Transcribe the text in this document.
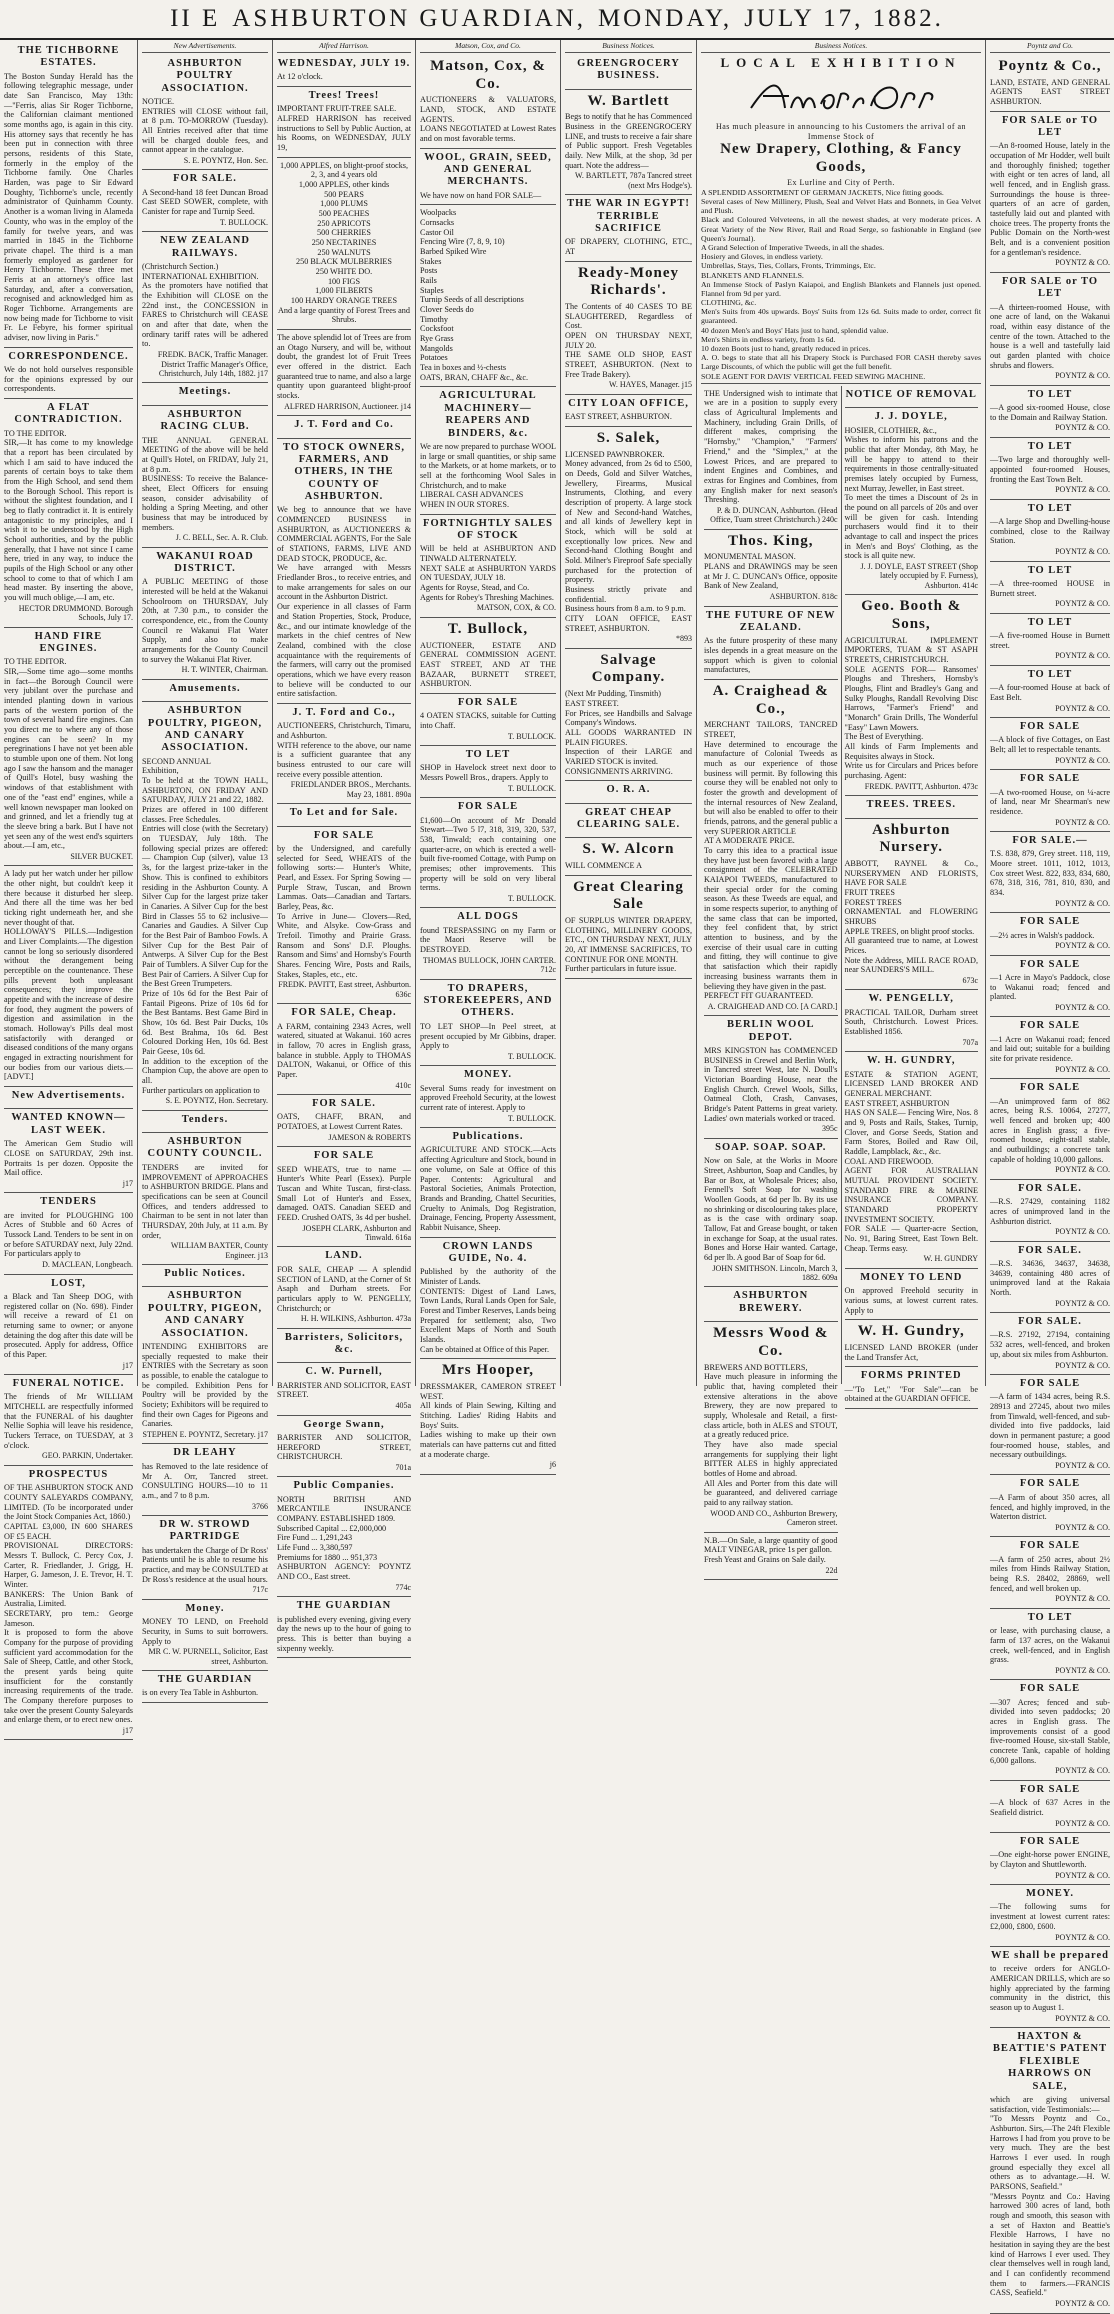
II E ASHBURTON GUARDIAN, MONDAY, JULY 17, 1882.
THE TICHBORNE ESTATES.
The Boston Sunday Herald has the following telegraphic message, under date San Francisco, May 13th:—"Ferris, alias Sir Roger Tichborne, the Californian claimant mentioned some months ago, is again in this city. His attorney says that recently he has been put in connection with three persons, residents of this State, formerly in the employ of the Tichborne family. One Charles Harden, was page to Sir Edward Doughty, Tichborne's uncle, recently administrator of Quinhamm County. Another is a woman living in Alameda County, who was in the employ of the family for twelve years, and was married in 1845 in the Tichborne private chapel. The third is a man formerly employed as gardener for Henry Tichborne. These three met Ferris at an attorney's office last Saturday, and, after a conversation, recognised and acknowledged him as Roger Tichborne. Arrangements are now being made for Tichborne to visit Fr. Le Febyre, his former spiritual adviser, now living in Paris."
CORRESPONDENCE.
We do not hold ourselves responsible for the opinions expressed by our correspondents.
A FLAT CONTRADICTION.
TO THE EDITOR.
SIR,—It has come to my knowledge that a report has been circulated by which I am said to have induced the parents of certain boys to take them from the High School, and send them to the Borough School. This report is without the slightest foundation, and I beg to flatly contradict it. It is entirely antagonistic to my principles, and I wish it to be understood by the High School authorities, and by the public generally, that I have not since I came here, tried in any way, to induce the pupils of the High School or any other school to come to that of which I am head master. By inserting the above, you will much oblige,—I am, etc.
HECTOR DRUMMOND. Borough Schools, July 17.
HAND FIRE ENGINES.
TO THE EDITOR.
SIR,—Some time ago—some months in fact—the Borough Council were very jubilant over the purchase and intended planting down in various parts of the western portion of the town of several hand fire engines. Can you direct me to where any of those engines can be seen? In my peregrinations I have not yet been able to stumble upon one of them. Not long ago I saw the hansom and the manager of Quill's Hotel, busy washing the windows of that establishment with one of the "east end" engines, while a well known newspaper man looked on and grinned, and let a friendly tug at the sleeve bring a bark. But I have not yet seen any of the west end's squirters about.—I am, etc.,
SILVER BUCKET.
A lady put her watch under her pillow the other night, but couldn't keep it there because it disturbed her sleep. And there all the time was her bed ticking right underneath her, and she never thought of that.
HOLLOWAY'S PILLS.—Indigestion and Liver Complaints.—The digestion cannot be long so seriously disordered without the derangement being perceptible on the countenance. These pills prevent both unpleasant consequences; they improve the appetite and with the increase of desire for food, they augment the powers of digestion and assimilation in the stomach. Holloway's Pills deal most satisfactorily with deranged or diseased conditions of the many organs engaged in extracting nourishment for our bodies from our various diets.—[ADVT.]
New Advertisements.
WANTED KNOWN—LAST WEEK.
The American Gem Studio will CLOSE on SATURDAY, 29th inst. Portraits 1s per dozen. Opposite the Mail office.
j17
TENDERS
are invited for PLOUGHING 100 Acres of Stubble and 60 Acres of Tussock Land. Tenders to be sent in on or before SATURDAY next, July 22nd. For particulars apply to
D. MACLEAN, Longbeach.
LOST,
a Black and Tan Sheep DOG, with registered collar on (No. 698). Finder will receive a reward of £1 on returning same to owner; or anyone detaining the dog after this date will be prosecuted. Apply for address, Office of this Paper.
j17
FUNERAL NOTICE.
The friends of Mr WILLIAM MITCHELL are respectfully informed that the FUNERAL of his daughter Nellie Sophia will leave his residence, Tuckers Terrace, on TUESDAY, at 3 o'clock.
GEO. PARKIN, Undertaker.
PROSPECTUS
OF THE ASHBURTON STOCK AND COUNTY SALEYARDS COMPANY, LIMITED. (To be incorporated under the Joint Stock Companies Act, 1860.)
CAPITAL £3,000, IN 600 SHARES OF £5 EACH.
PROVISIONAL DIRECTORS: Messrs T. Bullock, C. Percy Cox, J. Carter, R. Friedlander, J. Grigg, H. Harper, G. Jameson, J. E. Trevor, H. T. Winter.
BANKERS: The Union Bank of Australia, Limited.
SECRETARY, pro tem.: George Jameson.
It is proposed to form the above Company for the purpose of providing sufficient yard accommodation for the Sale of Sheep, Cattle, and other Stock, the present yards being quite insufficient for the constantly increasing requirements of the trade. The Company therefore purposes to take over the present County Saleyards and enlarge them, or to erect new ones.
j17
New Advertisements.
ASHBURTON POULTRY ASSOCIATION.
NOTICE.
ENTRIES will CLOSE without fail, at 8 p.m. TO-MORROW (Tuesday). All Entries received after that time will be charged double fees, and cannot appear in the catalogue.
S. E. POYNTZ, Hon. Sec.
FOR SALE.
A Second-hand 18 feet Duncan Broad Cast SEED SOWER, complete, with Canister for rape and Turnip Seed.
T. BULLOCK.
NEW ZEALAND RAILWAYS.
(Christchurch Section.)
INTERNATIONAL EXHIBITION.
As the promoters have notified that the Exhibition will CLOSE on the 22nd inst., the CONCESSION in FARES to Christchurch will CEASE on and after that date, when the ordinary tariff rates will be adhered to.
FREDK. BACK, Traffic Manager. District Traffic Manager's Office, Christchurch, July 14th, 1882. j17
Meetings.
ASHBURTON RACING CLUB.
THE ANNUAL GENERAL MEETING of the above will be held at Quill's Hotel, on FRIDAY, July 21, at 8 p.m.
BUSINESS: To receive the Balance-sheet, Elect Officers for ensuing season, consider advisability of holding a Spring Meeting, and other business that may be introduced by members.
J. C. BELL, Sec. A. R. Club.
WAKANUI ROAD DISTRICT.
A PUBLIC MEETING of those interested will be held at the Wakanui Schoolroom on THURSDAY, July 20th, at 7.30 p.m., to consider the correspondence, etc., from the County Council re Wakanui Flat Water Supply, and also to make arrangements for the County Council to survey the Wakanui Flat River.
H. T. WINTER, Chairman.
Amusements.
ASHBURTON POULTRY, PIGEON, AND CANARY ASSOCIATION.
SECOND ANNUAL
Exhibition,
To be held at the TOWN HALL, ASHBURTON, ON FRIDAY AND SATURDAY, JULY 21 and 22, 1882.
Prizes are offered in 100 different classes. Free Schedules.
Entries will close (with the Secretary) on TUESDAY, July 18th. The following special prizes are offered:— Champion Cup (silver), value 13 3s, for the largest prize-taker in the Show. This is confined to exhibitors residing in the Ashburton County. A Silver Cup for the largest prize taker in Canaries. A Silver Cup for the best Bird in Classes 55 to 62 inclusive—Canaries and Gaudies. A Silver Cup for the Best Pair of Bamboo Fowls. A Silver Cup for the Best Pair of Antwerps. A Silver Cup for the Best Pair of Tumblers. A Silver Cup for the Best Pair of Carriers. A Silver Cup for the Best Green Trumpeters.
Prize of 10s 6d for the Best Pair of Fantail Pigeons. Prize of 10s 6d for the Best Bantams. Best Game Bird in Show, 10s 6d. Best Pair Ducks, 10s 6d. Best Brahma, 10s 6d. Best Coloured Dorking Hen, 10s 6d. Best Pair Geese, 10s 6d.
In addition to the exception of the Champion Cup, the above are open to all.
Further particulars on application to
S. E. POYNTZ, Hon. Secretary.
Tenders.
ASHBURTON COUNTY COUNCIL.
TENDERS are invited for IMPROVEMENT of APPROACHES to ASHBURTON BRIDGE. Plans and specifications can be seen at Council Offices, and tenders addressed to Chairman to be sent in not later than THURSDAY, 20th July, at 11 a.m. By order,
WILLIAM BAXTER, County Engineer. j13
Public Notices.
ASHBURTON POULTRY, PIGEON, AND CANARY ASSOCIATION.
INTENDING EXHIBITORS are specially requested to make their ENTRIES with the Secretary as soon as possible, to enable the catalogue to be compiled. Exhibition Pens for Poultry will be provided by the Society; Exhibitors will be required to find their own Cages for Pigeons and Canaries.
STEPHEN E. POYNTZ, Secretary. j17
DR LEAHY
has Removed to the late residence of Mr A. Orr, Tancred street. CONSULTING HOURS—10 to 11 a.m., and 7 to 8 p.m.
3766
DR W. STROWD PARTRIDGE
has undertaken the Charge of Dr Ross' Patients until he is able to resume his practice, and may be CONSULTED at Dr Ross's residence at the usual hours.
717c
Money.
MONEY TO LEND, on Freehold Security, in Sums to suit borrowers. Apply to
MR C. W. PURNELL, Solicitor, East street, Ashburton.
THE GUARDIAN
is on every Tea Table in Ashburton.
Alfred Harrison.
WEDNESDAY, JULY 19.
At 12 o'clock.
Trees! Trees!
IMPORTANT FRUIT-TREE SALE.
ALFRED HARRISON has received instructions to Sell by Public Auction, at his Rooms, on WEDNESDAY, JULY 19,
1,000 APPLES, on blight-proof stocks, 2, 3, and 4 years old
1,000 APPLES, other kinds
500 PEARS
1,000 PLUMS
500 PEACHES
250 APRICOTS
500 CHERRIES
250 NECTARINES
250 WALNUTS
250 BLACK MULBERRIES
250 WHITE DO.
100 FIGS
1,000 FILBERTS
100 HARDY ORANGE TREES
And a large quantity of Forest Trees and Shrubs.
The above splendid lot of Trees are from an Otago Nursery, and will be, without doubt, the grandest lot of Fruit Trees ever offered in the district. Each guaranteed true to name, and also a large quantity upon guaranteed blight-proof stocks.
ALFRED HARRISON, Auctioneer. j14
J. T. Ford and Co.
TO STOCK OWNERS, FARMERS, AND OTHERS, IN THE COUNTY OF ASHBURTON.
We beg to announce that we have COMMENCED BUSINESS in ASHBURTON, as AUCTIONEERS & COMMERCIAL AGENTS, For the Sale of STATIONS, FARMS, LIVE AND DEAD STOCK, PRODUCE, &c.
We have arranged with Messrs Friedlander Bros., to receive entries, and to make arrangements for sales on our account in the Ashburton District.
Our experience in all classes of Farm and Station Properties, Stock, Produce, &c., and our intimate knowledge of the markets in the chief centres of New Zealand, combined with the close acquaintance with the requirements of the farmers, will carry out the promised operations, which we have every reason to believe will be conducted to our entire satisfaction.
J. T. Ford and Co.,
AUCTIONEERS, Christchurch, Timaru, and Ashburton.
WITH reference to the above, our name is a sufficient guarantee that any business entrusted to our care will receive every possible attention.
FRIEDLANDER BROS., Merchants. May 23, 1881. 890a
To Let and for Sale.
FOR SALE
by the Undersigned, and carefully selected for Seed, WHEATS of the following sorts:— Hunter's White, Pearl, and Essex. For Spring Sowing — Purple Straw, Tuscan, and Brown Lammas. Oats—Canadian and Tartars. Barley, Peas, &c.
To Arrive in June— Clovers—Red, White, and Alsyke. Cow-Grass and Trefoil. Timothy and Prairie Grass. Ransom and Sons' D.F. Ploughs. Ransom and Sims' and Hornsby's Fourth Shares. Fencing Wire, Posts and Rails, Stakes, Staples, etc., etc.
FREDK. PAVITT, East street, Ashburton. 636c
FOR SALE, Cheap.
A FARM, containing 2343 Acres, well watered, situated at Wakanui. 160 acres in fallow, 70 acres in English grass, balance in stubble. Apply to THOMAS DALTON, Wakanui, or Office of this Paper.
410c
FOR SALE.
OATS, CHAFF, BRAN, and POTATOES, at Lowest Current Rates.
JAMESON & ROBERTS
FOR SALE
SEED WHEATS, true to name — Hunter's White Pearl (Essex). Purple Tuscan and White Tuscan, first-class. Small Lot of Hunter's and Essex, damaged. OATS. Canadian SEED and FEED. Crushed OATS, 3s 4d per bushel.
JOSEPH CLARK, Ashburton and Tinwald. 616a
LAND.
FOR SALE, CHEAP — A splendid SECTION of LAND, at the Corner of St Asaph and Durham streets. For particulars apply to W. PENGELLY, Christchurch; or
H. H. WILKINS, Ashburton. 473a
Barristers, Solicitors, &c.
C. W. Purnell,
BARRISTER AND SOLICITOR, EAST STREET.
405a
George Swann,
BARRISTER AND SOLICITOR, HEREFORD STREET, CHRISTCHURCH.
701a
Public Companies.
NORTH BRITISH AND MERCANTILE INSURANCE COMPANY. ESTABLISHED 1809.
Subscribed Capital ... £2,000,000
Fire Fund ... 1,291,243
Life Fund ... 3,380,597
Premiums for 1880 ... 951,373
ASHBURTON AGENCY: POYNTZ AND CO., East street.
774c
THE GUARDIAN
is published every evening, giving every day the news up to the hour of going to press. This is better than buying a sixpenny weekly.
Matson, Cox, and Co.
Matson, Cox, & Co.
AUCTIONEERS & VALUATORS, LAND, STOCK, AND ESTATE AGENTS.
LOANS NEGOTIATED at Lowest Rates and on most favorable terms.
WOOL, GRAIN, SEED, AND GENERAL MERCHANTS.
We have now on hand FOR SALE—
Woolpacks
Cornsacks
Castor Oil
Fencing Wire (7, 8, 9, 10)
Barbed Spiked Wire
Stakes
Posts
Rails
Staples
Turnip Seeds of all descriptions
Clover Seeds do
Timothy
Cocksfoot
Rye Grass
Mangolds
Potatoes
Tea in boxes and ½-chests
OATS, BRAN, CHAFF &c., &c.
AGRICULTURAL MACHINERY—REAPERS AND BINDERS, &c.
We are now prepared to purchase WOOL in large or small quantities, or ship same to the Markets, or at home markets, or to sell at the forthcoming Wool Sales in Christchurch, and to make
LIBERAL CASH ADVANCES
WHEN IN OUR STORES.
FORTNIGHTLY SALES OF STOCK
Will be held at ASHBURTON AND TINWALD ALTERNATELY.
NEXT SALE at ASHBURTON YARDS ON TUESDAY, JULY 18.
Agents for Royse, Stead, and Co.
Agents for Robey's Threshing Machines.
MATSON, COX, & CO.
T. Bullock,
AUCTIONEER, ESTATE AND GENERAL COMMISSION AGENT. EAST STREET, AND AT THE BAZAAR, BURNETT STREET, ASHBURTON.
FOR SALE
4 OATEN STACKS, suitable for Cutting into Chaff.
T. BULLOCK.
TO LET
SHOP in Havelock street next door to Messrs Powell Bros., drapers. Apply to
T. BULLOCK.
FOR SALE
£1,600—On account of Mr Donald Stewart—Two 5 l7, 318, 319, 320, 537, 538, Tinwald; each containing one quarter-acre, on which is erected a well-built five-roomed Cottage, with Pump on premises; other improvements. This property will be sold on very liberal terms.
T. BULLOCK.
ALL DOGS
found TRESPASSING on my Farm or the Maori Reserve will be DESTROYED.
THOMAS BULLOCK, JOHN CARTER. 712c
TO DRAPERS, STOREKEEPERS, AND OTHERS.
TO LET SHOP—In Peel street, at present occupied by Mr Gibbins, draper. Apply to
T. BULLOCK.
MONEY.
Several Sums ready for investment on approved Freehold Security, at the lowest current rate of interest. Apply to
T. BULLOCK.
Publications.
AGRICULTURE AND STOCK.—Acts affecting Agriculture and Stock, bound in one volume, on Sale at Office of this Paper. Contents: Agricultural and Pastoral Societies, Animals Protection, Brands and Branding, Chattel Securities, Cruelty to Animals, Dog Registration, Drainage, Fencing, Property Assessment, Rabbit Nuisance, Sheep.
CROWN LANDS GUIDE, No. 4.
Published by the authority of the Minister of Lands.
CONTENTS: Digest of Land Laws, Town Lands, Rural Lands Open for Sale, Forest and Timber Reserves, Lands being Prepared for settlement; also, Two Excellent Maps of North and South Islands.
Can be obtained at Office of this Paper.
Mrs Hooper,
DRESSMAKER, CAMERON STREET WEST.
All kinds of Plain Sewing, Kilting and Stitching. Ladies' Riding Habits and Boys' Suits.
Ladies wishing to make up their own materials can have patterns cut and fitted at a moderate charge.
j6
Business Notices.
GREENGROCERY BUSINESS.
W. Bartlett
Begs to notify that he has Commenced Business in the GREENGROCERY LINE, and trusts to receive a fair share of Public support. Fresh Vegetables daily. New Milk, at the shop, 3d per quart. Note the address—
W. BARTLETT, 787a Tancred street (next Mrs Hodge's).
THE WAR IN EGYPT! TERRIBLE SACRIFICE
OF DRAPERY, CLOTHING, ETC., AT
Ready-Money Richards'.
The Contents of 40 CASES TO BE SLAUGHTERED, Regardless of Cost.
OPEN ON THURSDAY NEXT, JULY 20.
THE SAME OLD SHOP, EAST STREET, ASHBURTON. (Next to Free Trade Bakery).
W. HAYES, Manager. j15
CITY LOAN OFFICE,
EAST STREET, ASHBURTON.
S. Salek,
LICENSED PAWNBROKER.
Money advanced, from 2s 6d to £500, on Deeds, Gold and Silver Watches, Jewellery, Firearms, Musical Instruments, Clothing, and every description of property. A large stock of New and Second-hand Watches, and all kinds of Jewellery kept in Stock, which will be sold at exceptionally low prices. New and Second-hand Clothing Bought and Sold. Milner's Fireproof Safe specially purchased for the protection of property.
Business strictly private and confidential.
Business hours from 8 a.m. to 9 p.m.
CITY LOAN OFFICE, EAST STREET, ASHBURTON.
*893
Salvage Company.
(Next Mr Pudding, Tinsmith)
EAST STREET.
For Prices, see Handbills and Salvage Company's Windows.
ALL GOODS WARRANTED IN PLAIN FIGURES.
Inspection of their LARGE and VARIED STOCK is invited.
CONSIGNMENTS ARRIVING.
O. R. A.
GREAT CHEAP CLEARING SALE.
S. W. Alcorn
WILL COMMENCE A
Great Clearing Sale
OF SURPLUS WINTER DRAPERY, CLOTHING, MILLINERY GOODS, ETC., ON THURSDAY NEXT, JULY 20, AT IMMENSE SACRIFICES, TO CONTINUE FOR ONE MONTH.
Further particulars in future issue.
Business Notices.
LOCAL EXHIBITION
Has much pleasure in announcing to his Customers the arrival of an Immense Stock of
New Drapery, Clothing, & Fancy Goods,
Ex Lurline and City of Perth.
A SPLENDID ASSORTMENT OF GERMAN JACKETS, Nice fitting goods.
Several cases of New Millinery, Plush, Seal and Velvet Hats and Bonnets, in Gea Velvet and Plush.
Black and Coloured Velveteens, in all the newest shades, at very moderate prices. A Great Variety of the New River, Rail and Road Serge, so fashionable in England (see Queen's Journal).
A Grand Selection of Imperative Tweeds, in all the shades.
Hosiery and Gloves, in endless variety.
Umbrellas, Stays, Ties, Collars, Fronts, Trimmings, Etc.
BLANKETS AND FLANNELS.
An Immense Stock of Paslyn Kaiapoi, and English Blankets and Flannels just opened. Flannel from 9d per yard.
CLOTHING, &c.
Men's Suits from 40s upwards. Boys' Suits from 12s 6d. Suits made to order, correct fit guaranteed.
40 dozen Men's and Boys' Hats just to hand, splendid value.
Men's Shirts in endless variety, from 1s 6d.
10 dozen Boots just to hand, greatly reduced in prices.
A. O. begs to state that all his Drapery Stock is Purchased FOR CASH thereby saves Large Discounts, of which the public will get the full benefit.
SOLE AGENT FOR DAVIS' VERTICAL FEED SEWING MACHINE.
THE Undersigned wish to intimate that we are in a position to supply every class of Agricultural Implements and Machinery, including Grain Drills, of different makes, comprising the "Hornsby," "Champion," "Farmers' Friend," and the "Simplex," at the Lowest Prices, and are prepared to indent Engines and Combines, and extras for Engines and Combines, from any English maker for next season's Threshing.
P. & D. DUNCAN, Ashburton. (Head Office, Tuam street Christchurch.) 240c
Thos. King,
MONUMENTAL MASON.
PLANS and DRAWINGS may be seen at Mr J. C. DUNCAN's Office, opposite Bank of New Zealand,
ASHBURTON. 818c
THE FUTURE OF NEW ZEALAND.
As the future prosperity of these many isles depends in a great measure on the support which is given to colonial manufactures,
A. Craighead & Co.,
MERCHANT TAILORS, TANCRED STREET,
Have determined to encourage the manufacture of Colonial Tweeds as much as our experience of those business will permit. By following this course they will be enabled not only to foster the growth and development of the internal resources of New Zealand, but will also be enabled to offer to their friends, patrons, and the general public a very SUPERIOR ARTICLE
AT A MODERATE PRICE.
To carry this idea to a practical issue they have just been favored with a large consignment of the CELEBRATED KAIAPOI TWEEDS, manufactured to their special order for the coming season. As these Tweeds are equal, and in some respects superior, to anything of the same class that can be imported, they feel confident that, by strict attention to business, and by the exercise of their usual care in cutting and fitting, they will continue to give that satisfaction which their rapidly increasing business warrants them in believing they have given in the past.
PERFECT FIT GUARANTEED.
A. CRAIGHEAD AND CO. [A CARD.]
BERLIN WOOL DEPOT.
MRS KINGSTON has COMMENCED BUSINESS in Crewel and Berlin Work, in Tancred street West, late N. Doull's Victorian Boarding House, near the English Church. Crewel Wools, Silks, Oatmeal Cloth, Crash, Canvases, Bridge's Patent Patterns in great variety. Ladies' own materials worked or traced.
395c
SOAP. SOAP. SOAP.
Now on Sale, at the Works in Moore Street, Ashburton, Soap and Candles, by Bar or Box, at Wholesale Prices; also, Fennell's Soft Soap for washing Woollen Goods, at 6d per lb. By its use no shrinking or discolouring takes place, as is the case with ordinary soap. Tallow, Fat and Grease bought, or taken in exchange for Soap, at the usual rates. Bones and Horse Hair wanted. Cartage, 6d per lb. A good Bar of Soap for 6d.
JOHN SMITHSON. Lincoln, March 3, 1882. 609a
ASHBURTON BREWERY.
Messrs Wood & Co.
BREWERS AND BOTTLERS,
Have much pleasure in informing the public that, having completed their extensive alterations in the above Brewery, they are now prepared to supply, Wholesale and Retail, a first-class article, both in ALES and STOUT, at a greatly reduced price.
They have also made special arrangements for supplying their light BITTER ALES in highly appreciated bottles of Home and abroad.
All Ales and Porter from this date will be guaranteed, and delivered carriage paid to any railway station.
WOOD AND CO., Ashburton Brewery, Cameron street.
N.B.—On Sale, a large quantity of good MALT VINEGAR, price 1s per gallon.
Fresh Yeast and Grains on Sale daily.
22d
NOTICE OF REMOVAL
J. J. DOYLE,
HOSIER, CLOTHIER, &c.,
Wishes to inform his patrons and the public that after Monday, 8th May, he will be happy to attend to their requirements in those centrally-situated premises lately occupied by Furness, next Murray, Jeweller, in East street.
To meet the times a Discount of 2s in the pound on all parcels of 20s and over will be given for cash. Intending purchasers would find it to their advantage to call and inspect the prices in Men's and Boys' Clothing, as the stock is all quite new.
J. J. DOYLE, EAST STREET (Shop lately occupied by F. Furness), Ashburton. 414c
Geo. Booth & Sons,
AGRICULTURAL IMPLEMENT IMPORTERS, TUAM & ST ASAPH STREETS, CHRISTCHURCH.
SOLE AGENTS FOR— Ransomes' Ploughs and Threshers, Hornsby's Ploughs, Flint and Bradley's Gang and Sulky Ploughs, Randall Revolving Disc Harrows, "Farmer's Friend" and "Monarch" Grain Drills, The Wonderful "Easy" Lawn Mowers.
The Best of Everything.
All kinds of Farm Implements and Requisites always in Stock.
Write us for Circulars and Prices before purchasing. Agent:
FREDK. PAVITT, Ashburton. 473c
TREES. TREES.
Ashburton Nursery.
ABBOTT, RAYNEL & Co., NURSERYMEN AND FLORISTS, HAVE FOR SALE
FRUIT TREES
FOREST TREES
ORNAMENTAL and FLOWERING SHRUBS
APPLE TREES, on blight proof stocks.
All guaranteed true to name, at Lowest Prices.
Note the Address, MILL RACE ROAD, near SAUNDERS'S MILL.
673c
W. PENGELLY,
PRACTICAL TAILOR, Durham street South, Christchurch. Lowest Prices. Established 1856.
707a
W. H. GUNDRY,
ESTATE & STATION AGENT, LICENSED LAND BROKER AND GENERAL MERCHANT.
EAST STREET, ASHBURTON
HAS ON SALE— Fencing Wire, Nos. 8 and 9, Posts and Rails, Stakes, Turnip, Clover, and Gorse Seeds, Station and Farm Stores, Boiled and Raw Oil, Raddle, Lampblack, &c., &c.
COAL AND FIREWOOD.
AGENT FOR AUSTRALIAN MUTUAL PROVIDENT SOCIETY. STANDARD FIRE & MARINE INSURANCE COMPANY. STANDARD PROPERTY INVESTMENT SOCIETY.
FOR SALE — Quarter-acre Section, No. 91, Baring Street, East Town Belt. Cheap. Terms easy.
W. H. GUNDRY
MONEY TO LEND
On approved Freehold security in various sums, at lowest current rates. Apply to
W. H. Gundry,
LICENSED LAND BROKER (under the Land Transfer Act,
FORMS PRINTED
—"To Let," "For Sale"—can be obtained at the GUARDIAN OFFICE.
Poyntz and Co.
Poyntz & Co.,
LAND, ESTATE, AND GENERAL AGENTS EAST STREET ASHBURTON.
FOR SALE or TO LET
—An 8-roomed House, lately in the occupation of Mr Hodder, well built and thoroughly finished; together with eight or ten acres of land, all well fenced, and in English grass. Surroundings the house is three-quarters of an acre of garden, tastefully laid out and planted with choice trees. The property fronts the Public Domain on the North-west Belt, and is a convenient position for a gentleman's residence.
POYNTZ & CO.
FOR SALE or TO LET
—A thirteen-roomed House, with one acre of land, on the Wakanui road, within easy distance of the centre of the town. Attached to the house is a well and tastefully laid out garden planted with choice shrubs and flowers.
POYNTZ & CO.
TO LET
—A good six-roomed House, close to the Domain and Railway Station.
POYNTZ & CO.
TO LET
—Two large and thoroughly well-appointed four-roomed Houses, fronting the East Town Belt.
POYNTZ & CO.
TO LET
—A large Shop and Dwelling-house combined, close to the Railway Station.
POYNTZ & CO.
TO LET
—A three-roomed HOUSE in Burnett street.
POYNTZ & CO.
TO LET
—A five-roomed House in Burnett street.
POYNTZ & CO.
TO LET
—A four-roomed House at back of East Belt.
POYNTZ & CO.
FOR SALE
—A block of five Cottages, on East Belt; all let to respectable tenants.
POYNTZ & CO.
FOR SALE
—A two-roomed House, on ¼-acre of land, near Mr Shearman's new residence.
POYNTZ & CO.
FOR SALE.—
T.S. 838, 879, Grey street. 118, 119, Moore street. 1011, 1012, 1013, Cox street West. 822, 833, 834, 680, 678, 318, 316, 781, 810, 830, and 834.
POYNTZ & CO.
FOR SALE
—2½ acres in Walsh's paddock.
POYNTZ & CO.
FOR SALE
—1 Acre in Mayo's Paddock, close to Wakanui road; fenced and planted.
POYNTZ & CO.
FOR SALE
—1 Acre on Wakanui road; fenced and laid out; suitable for a building site for private residence.
POYNTZ & CO.
FOR SALE
—An unimproved farm of 862 acres, being R.S. 10064, 27277, well fenced and broken up; 400 acres in English grass; a five-roomed house, eight-stall stable, and outbuildings; a concrete tank capable of holding 10,000 gallons.
POYNTZ & CO.
FOR SALE.
—R.S. 27429, containing 1182 acres of unimproved land in the Ashburton district.
POYNTZ & CO.
FOR SALE.
—R.S. 34636, 34637, 34638, 34639, containing 480 acres of unimproved land at the Rakaia North.
POYNTZ & CO.
FOR SALE.
—R.S. 27192, 27194, containing 532 acres, well-fenced, and broken up, about six miles from Ashburton.
POYNTZ & CO.
FOR SALE
—A farm of 1434 acres, being R.S. 28913 and 27245, about two miles from Tinwald, well-fenced, and sub-divided into five paddocks, laid down in permanent pasture; a good four-roomed house, stables, and necessary outbuildings.
POYNTZ & CO.
FOR SALE
—A Farm of about 350 acres, all fenced, and highly improved, in the Waterton district.
POYNTZ & CO.
FOR SALE
—A farm of 250 acres, about 2½ miles from Hinds Railway Station, being R.S. 28402, 28869, well fenced, and well broken up.
POYNTZ & CO.
TO LET
or lease, with purchasing clause, a farm of 137 acres, on the Wakanui creek, well-fenced, and in English grass.
POYNTZ & CO.
FOR SALE
—307 Acres; fenced and sub-divided into seven paddocks; 20 acres in English grass. The improvements consist of a good five-roomed House, six-stall Stable, concrete Tank, capable of holding 6,000 gallons.
POYNTZ & CO.
FOR SALE
—A block of 637 Acres in the Seafield district.
POYNTZ & CO.
FOR SALE
—One eight-horse power ENGINE, by Clayton and Shuttleworth.
POYNTZ & CO.
MONEY.
—The following sums for investment at lowest current rates: £2,000, £800, £600.
POYNTZ & CO.
WE shall be prepared
to receive orders for ANGLO-AMERICAN DRILLS, which are so highly appreciated by the farming community in the district, this season up to August 1.
POYNTZ & CO.
HAXTON & BEATTIE'S PATENT FLEXIBLE HARROWS ON SALE,
which are giving universal satisfaction, vide Testimonials:—
"To Messrs Poyntz and Co., Ashburton. Sirs,—The 24ft Flexible Harrows I had from you prove to be very much. They are the best Harrows I ever used. In rough ground especially they excel all others as to advantage.—H. W. PARSONS, Seafield."
"Messrs Poyntz and Co.: Having harrowed 300 acres of land, both rough and smooth, this season with a set of Haxton and Beattie's Flexible Harrows, I have no hesitation in saying they are the best kind of Harrows I ever used. They clear themselves well in rough land, and I can confidently recommend them to farmers.—FRANCIS CASS, Seafield."
POYNTZ & CO.
